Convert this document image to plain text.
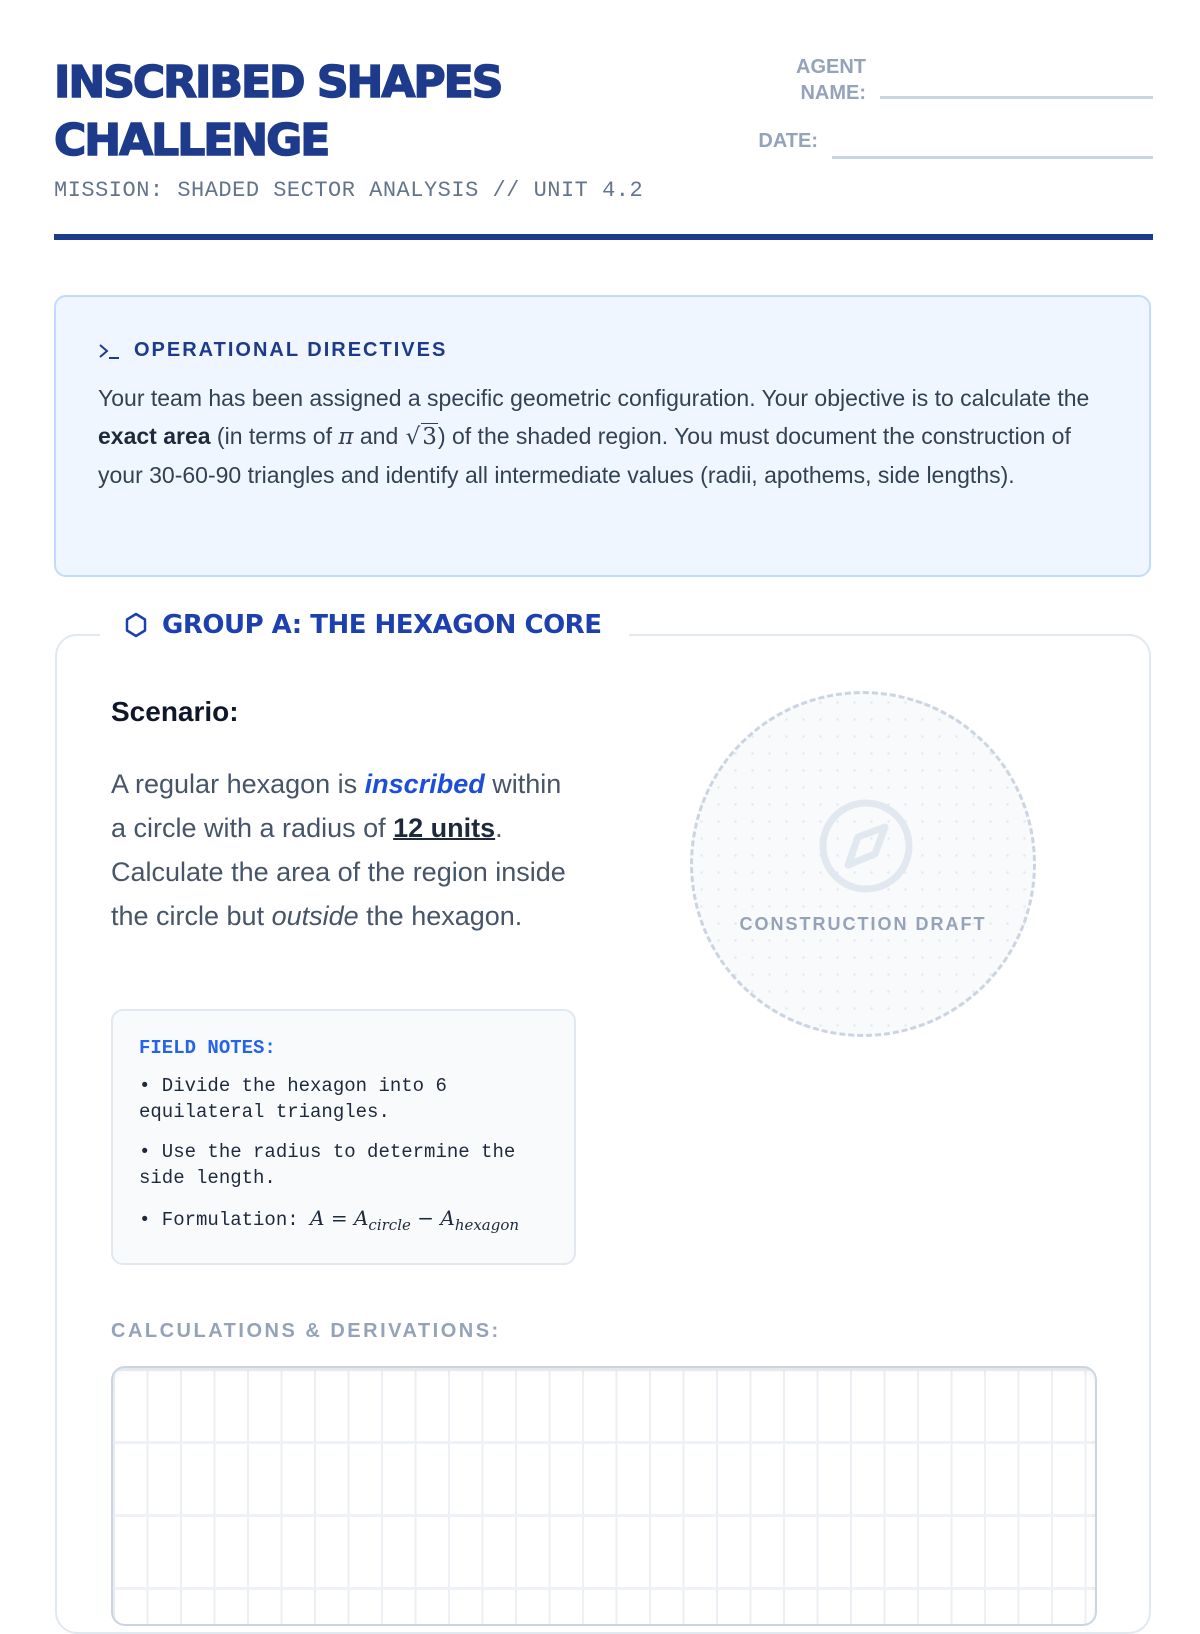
INSCRIBED SHAPES
CHALLENGE
MISSION: SHADED SECTOR ANALYSIS // UNIT 4.2
AGENT
NAME:
DATE:
OPERATIONAL DIRECTIVES
Your team has been assigned a specific geometric configuration. Your objective is to calculate the exact area (in terms of π and √3) of the shaded region. You must document the construction of your 30-60-90 triangles and identify all intermediate values (radii, apothems, side lengths).
GROUP A: THE HEXAGON CORE
Scenario:
A regular hexagon is inscribed within a circle with a radius of 12 units. Calculate the area of the region inside the circle but outside the hexagon.
FIELD NOTES:
• Divide the hexagon into 6 equilateral triangles.
• Use the radius to determine the side length.
• Formulation: $A = A_{circle} - A_{hexagon}$
CONSTRUCTION DRAFT
CALCULATIONS & DERIVATIONS:
